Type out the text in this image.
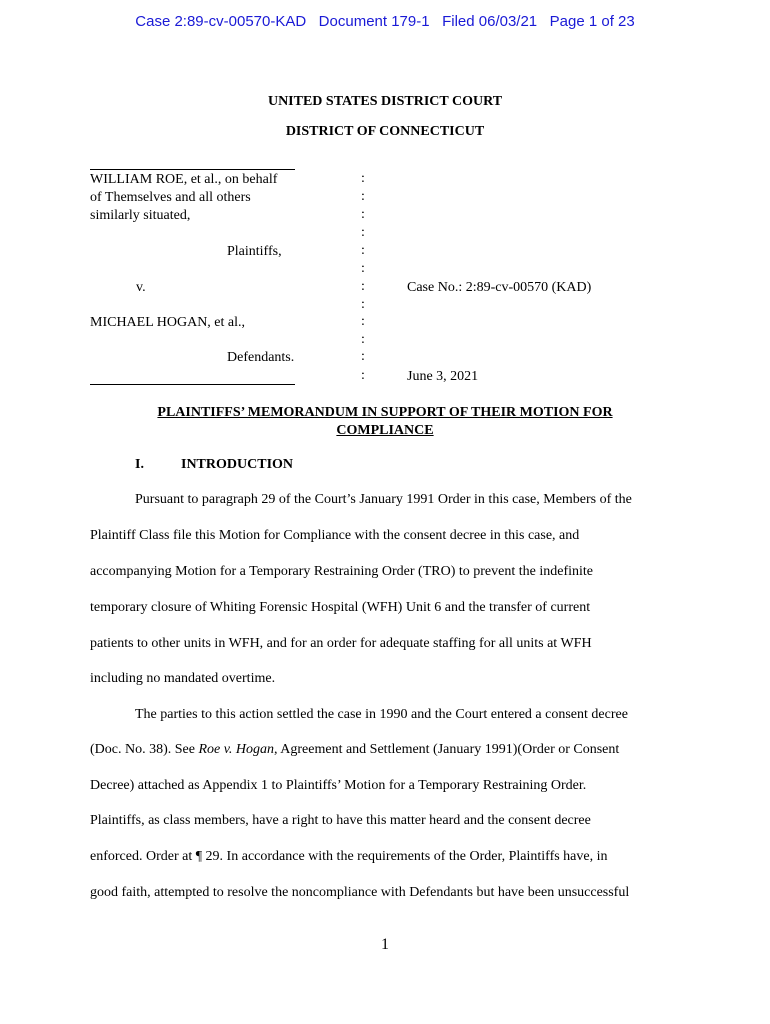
Case 2:89-cv-00570-KAD   Document 179-1   Filed 06/03/21   Page 1 of 23
UNITED STATES DISTRICT COURT
DISTRICT OF CONNECTICUT
WILLIAM ROE, et al., on behalf
of Themselves and all others
similarly situated,
Plaintiffs,
v.
MICHAEL HOGAN, et al.,
Defendants.
:
:
:
:
:
:
:
:
:
:
:
:
Case No.: 2:89-cv-00570 (KAD)
June 3, 2021
PLAINTIFFS’ MEMORANDUM IN SUPPORT OF THEIR MOTION FOR
COMPLIANCE
I.	INTRODUCTION
Pursuant to paragraph 29 of the Court’s January 1991 Order in this case, Members of the
Plaintiff Class file this Motion for Compliance with the consent decree in this case, and
accompanying Motion for a Temporary Restraining Order (TRO) to prevent the indefinite
temporary closure of Whiting Forensic Hospital (WFH) Unit 6 and the transfer of current
patients to other units in WFH, and for an order for adequate staffing for all units at WFH
including no mandated overtime.
The parties to this action settled the case in 1990 and the Court entered a consent decree
(Doc. No. 38). See Roe v. Hogan, Agreement and Settlement (January 1991)(Order or Consent
Decree) attached as Appendix 1 to Plaintiffs’ Motion for a Temporary Restraining Order.
Plaintiffs, as class members, have a right to have this matter heard and the consent decree
enforced. Order at ¶ 29. In accordance with the requirements of the Order, Plaintiffs have, in
good faith, attempted to resolve the noncompliance with Defendants but have been unsuccessful
1
